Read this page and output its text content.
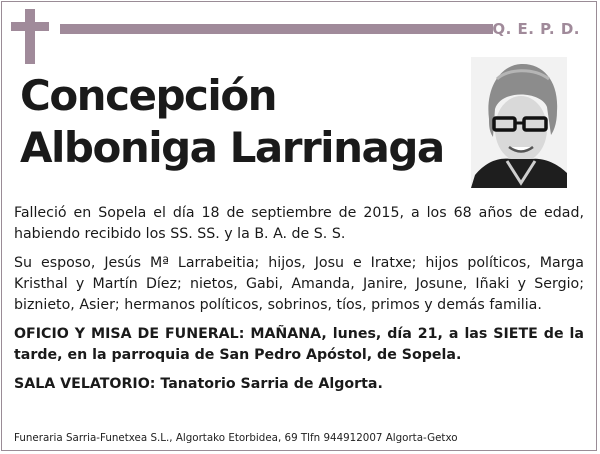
Q. E. P. D.
Concepción
Alboniga Larrinaga

Falleció en Sopela el día 18 de septiembre de 2015, a los 68 años de edad, habiendo recibido los SS. SS. y la B. A. de S. S.

Su esposo, Jesús Mª Larrabeitia; hijos, Josu e Iratxe; hijos políticos, Marga Kristhal y Martín Díez; nietos, Gabi, Amanda, Janire, Josune, Iñaki y Sergio; biznieto, Asier; hermanos políticos, sobrinos, tíos, primos y demás familia.

OFICIO Y MISA DE FUNERAL: MAÑANA, lunes, día 21, a las SIETE de la tarde, en la parroquia de San Pedro Apóstol, de Sopela.

SALA VELATORIO: Tanatorio Sarria de Algorta.

Funeraria Sarria-Funetxea S.L., Algortako Etorbidea, 69 Tlfn 944912007 Algorta-Getxo
